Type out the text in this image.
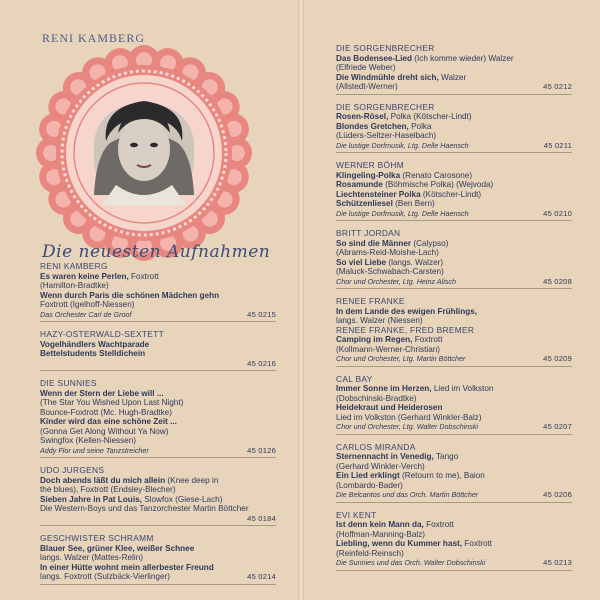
RENI KAMBERG
Die neuesten Aufnahmen
RENI KAMBERG
Es waren keine Perlen, Foxtrott
(Hamilton-Bradtke)
Wenn durch Paris die schönen Mädchen gehn
Foxtrott (Igelhoff-Niessen)
Das Orchester Carl de Groof	45 0215
HAZY-OSTERWALD-SEXTETT
Vogelhändlers Wachtparade
Bettelstudents Stelldichein
45 0216
DIE SUNNIES
Wenn der Stern der Liebe will ...
(The Star You Wished Upon Last Night)
Bounce-Foxtrott (Mc. Hugh-Bradtke)
Kinder wird das eine schöne Zeit ...
(Gonna Get Along Without Ya Now)
Swingfox (Kellen-Niessen)
Addy Flor und seine Tanzstreicher	45 0126
UDO JURGENS
Doch abends läßt du mich allein (Knee deep in
the blues), Foxtrott (Endsley-Blecher)
Sieben Jahre in Pat Louis, Slowfox (Giese-Lach)
Die Western-Boys und das Tanzorchester Martin Böttcher
45 0184
GESCHWISTER SCHRAMM
Blauer See, grüner Klee, weißer Schnee
langs. Walzer (Mattes-Relin)
In einer Hütte wohnt mein allerbester Freund
langs. Foxtrott (Sulzbäck-Vierlinger)	45 0214
DIE SORGENBRECHER
Das Bodensee-Lied (Ich komme wieder) Walzer
(Elfriede Weber)
Die Windmühle dreht sich, Walzer
(Allstedt-Werner)	45 0212
DIE SORGENBRECHER
Rosen-Rösel, Polka (Kötscher-Lindt)
Blondes Gretchen, Polka
(Lüders-Seltzer-Haselbach)
Die lustige Dorfmusik, Ltg. Delle Haensch	45 0211
WERNER BÖHM
Klingeling-Polka (Renato Carosone)
Rosamunde (Böhmische Polka) (Wejvoda)
Liechtensteiner Polka (Kötscher-Lindt)
Schützenliesel (Ben Bern)
Die lustige Dorfmusik, Ltg. Delle Haensch	45 0210
BRITT JORDAN
So sind die Männer (Calypso)
(Abrams-Reid-Moishe-Lach)
So viel Liebe (langs. Walzer)
(Maluck-Schwabach-Carsten)
Chor und Orchester, Ltg. Heinz Alisch	45 0208
RENEE FRANKE
In dem Lande des ewigen Frühlings,
langs. Walzer (Niessen)
RENEE FRANKE, FRED BREMER
Camping im Regen, Foxtrott
(Kollmann-Werner-Christian)
Chor und Orchester, Ltg. Martin Böttcher	45 0209
CAL BAY
Immer Sonne im Herzen, Lied im Volkston
(Dobschinski-Bradtke)
Heidekraut und Heiderosen
Lied im Volkston (Gerhard Winkler-Balz)
Chor und Orchester, Ltg. Walter Dobschinski	45 0207
CARLOS MIRANDA
Sternennacht in Venedig, Tango
(Gerhard Winkler-Verch)
Ein Lied erklingt (Retourn to me), Baion
(Lombardo-Bader)
Die Belcantos und das Orch. Martin Böttcher	45 0206
EVI KENT
Ist denn kein Mann da, Foxtrott
(Hoffman-Manning-Balz)
Liebling, wenn du Kummer hast, Foxtrott
(Reinfeld-Reinsch)
Die Sunnies und das Orch. Walter Dobschinski	45 0213
